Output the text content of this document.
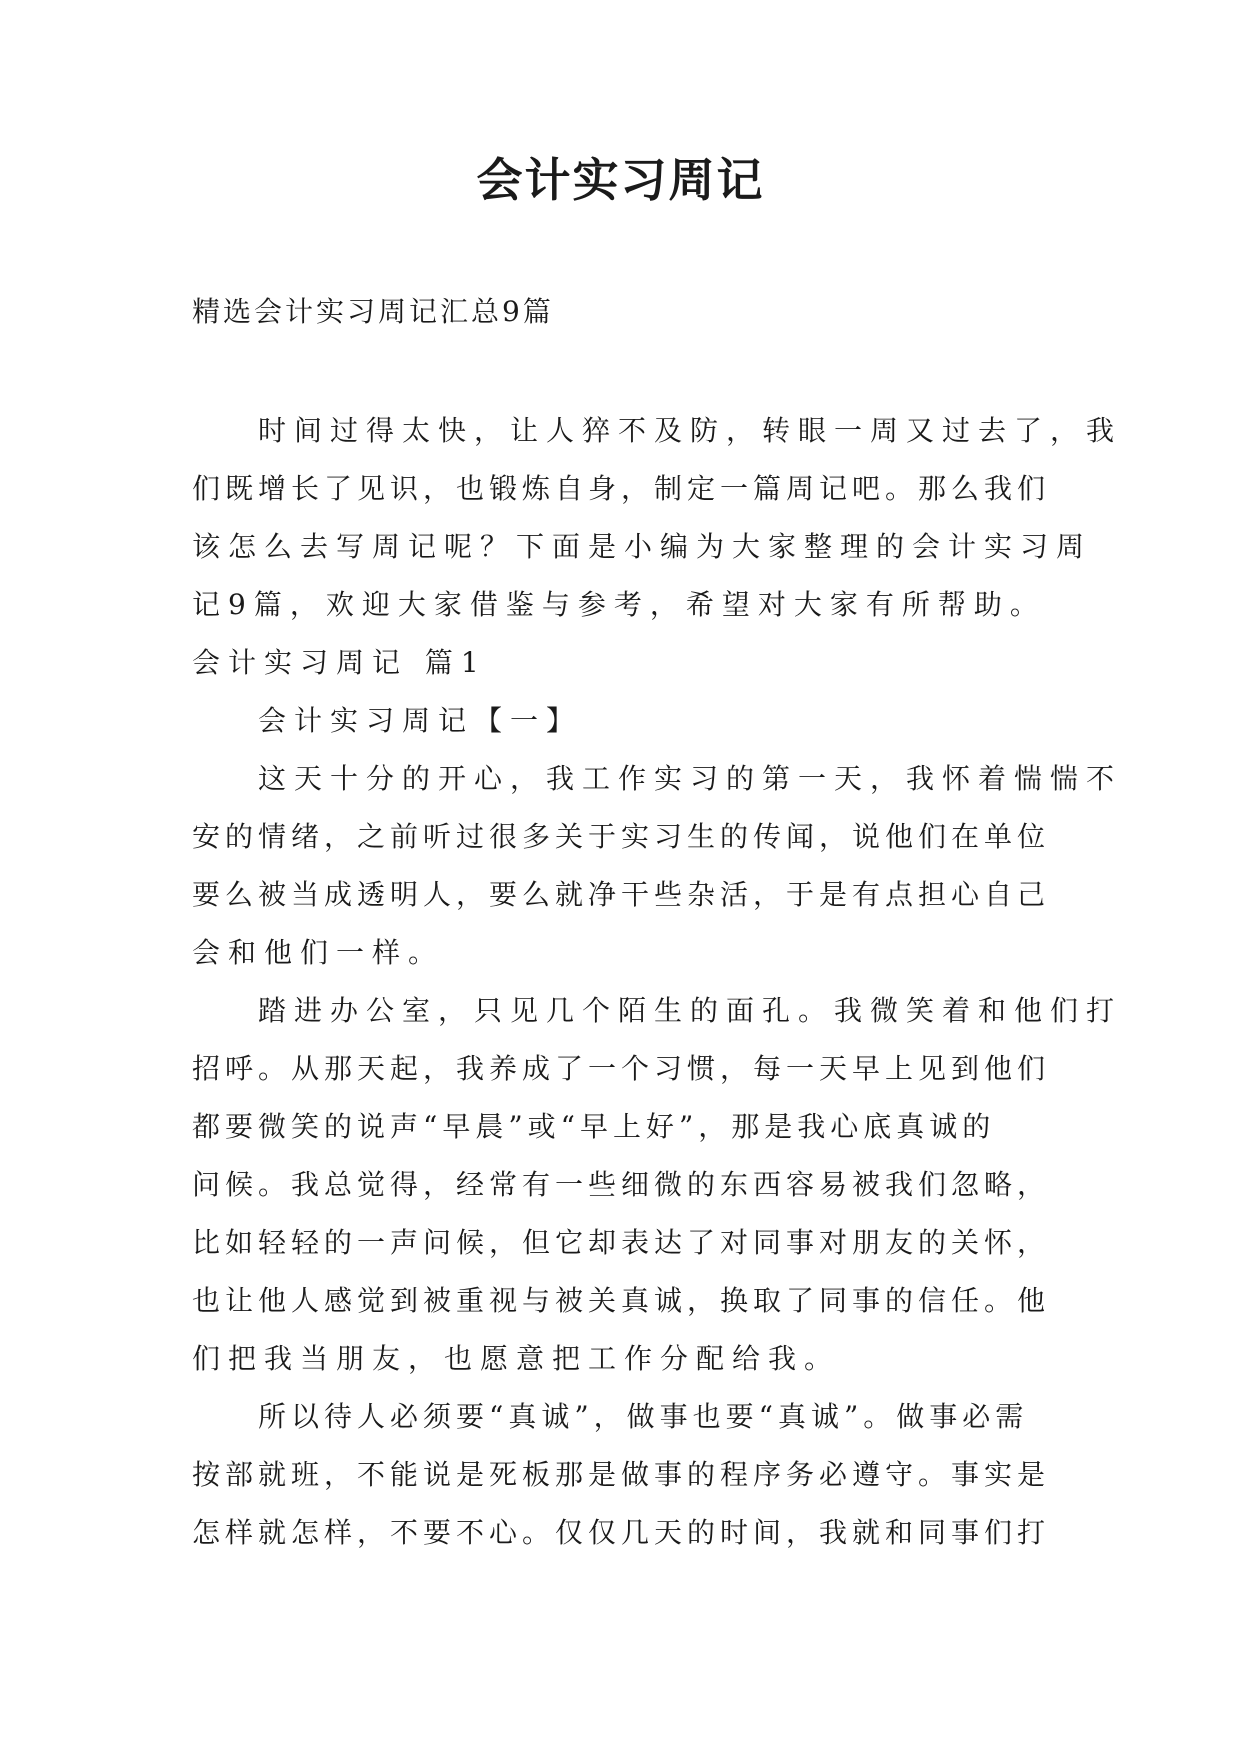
会计实习周记

精选会计实习周记汇总9篇

时间过得太快，让人猝不及防，转眼一周又过去了，我

们既增长了见识，也锻炼自身，制定一篇周记吧。那么我们

该怎么去写周记呢？下面是小编为大家整理的会计实习周

记9篇，欢迎大家借鉴与参考，希望对大家有所帮助。

会计实习周记 篇1

会计实习周记【一】

这天十分的开心，我工作实习的第一天，我怀着惴惴不

安的情绪，之前听过很多关于实习生的传闻，说他们在单位

要么被当成透明人，要么就净干些杂活，于是有点担心自己

会和他们一样。

踏进办公室，只见几个陌生的面孔。我微笑着和他们打

招呼。从那天起，我养成了一个习惯，每一天早上见到他们

都要微笑的说声“早晨”或“早上好”，那是我心底真诚的

问候。我总觉得，经常有一些细微的东西容易被我们忽略，

比如轻轻的一声问候，但它却表达了对同事对朋友的关怀，

也让他人感觉到被重视与被关真诚，换取了同事的信任。他

们把我当朋友，也愿意把工作分配给我。

所以待人必须要“真诚”，做事也要“真诚”。做事必需

按部就班，不能说是死板那是做事的程序务必遵守。事实是

怎样就怎样，不要不心。仅仅几天的时间，我就和同事们打
